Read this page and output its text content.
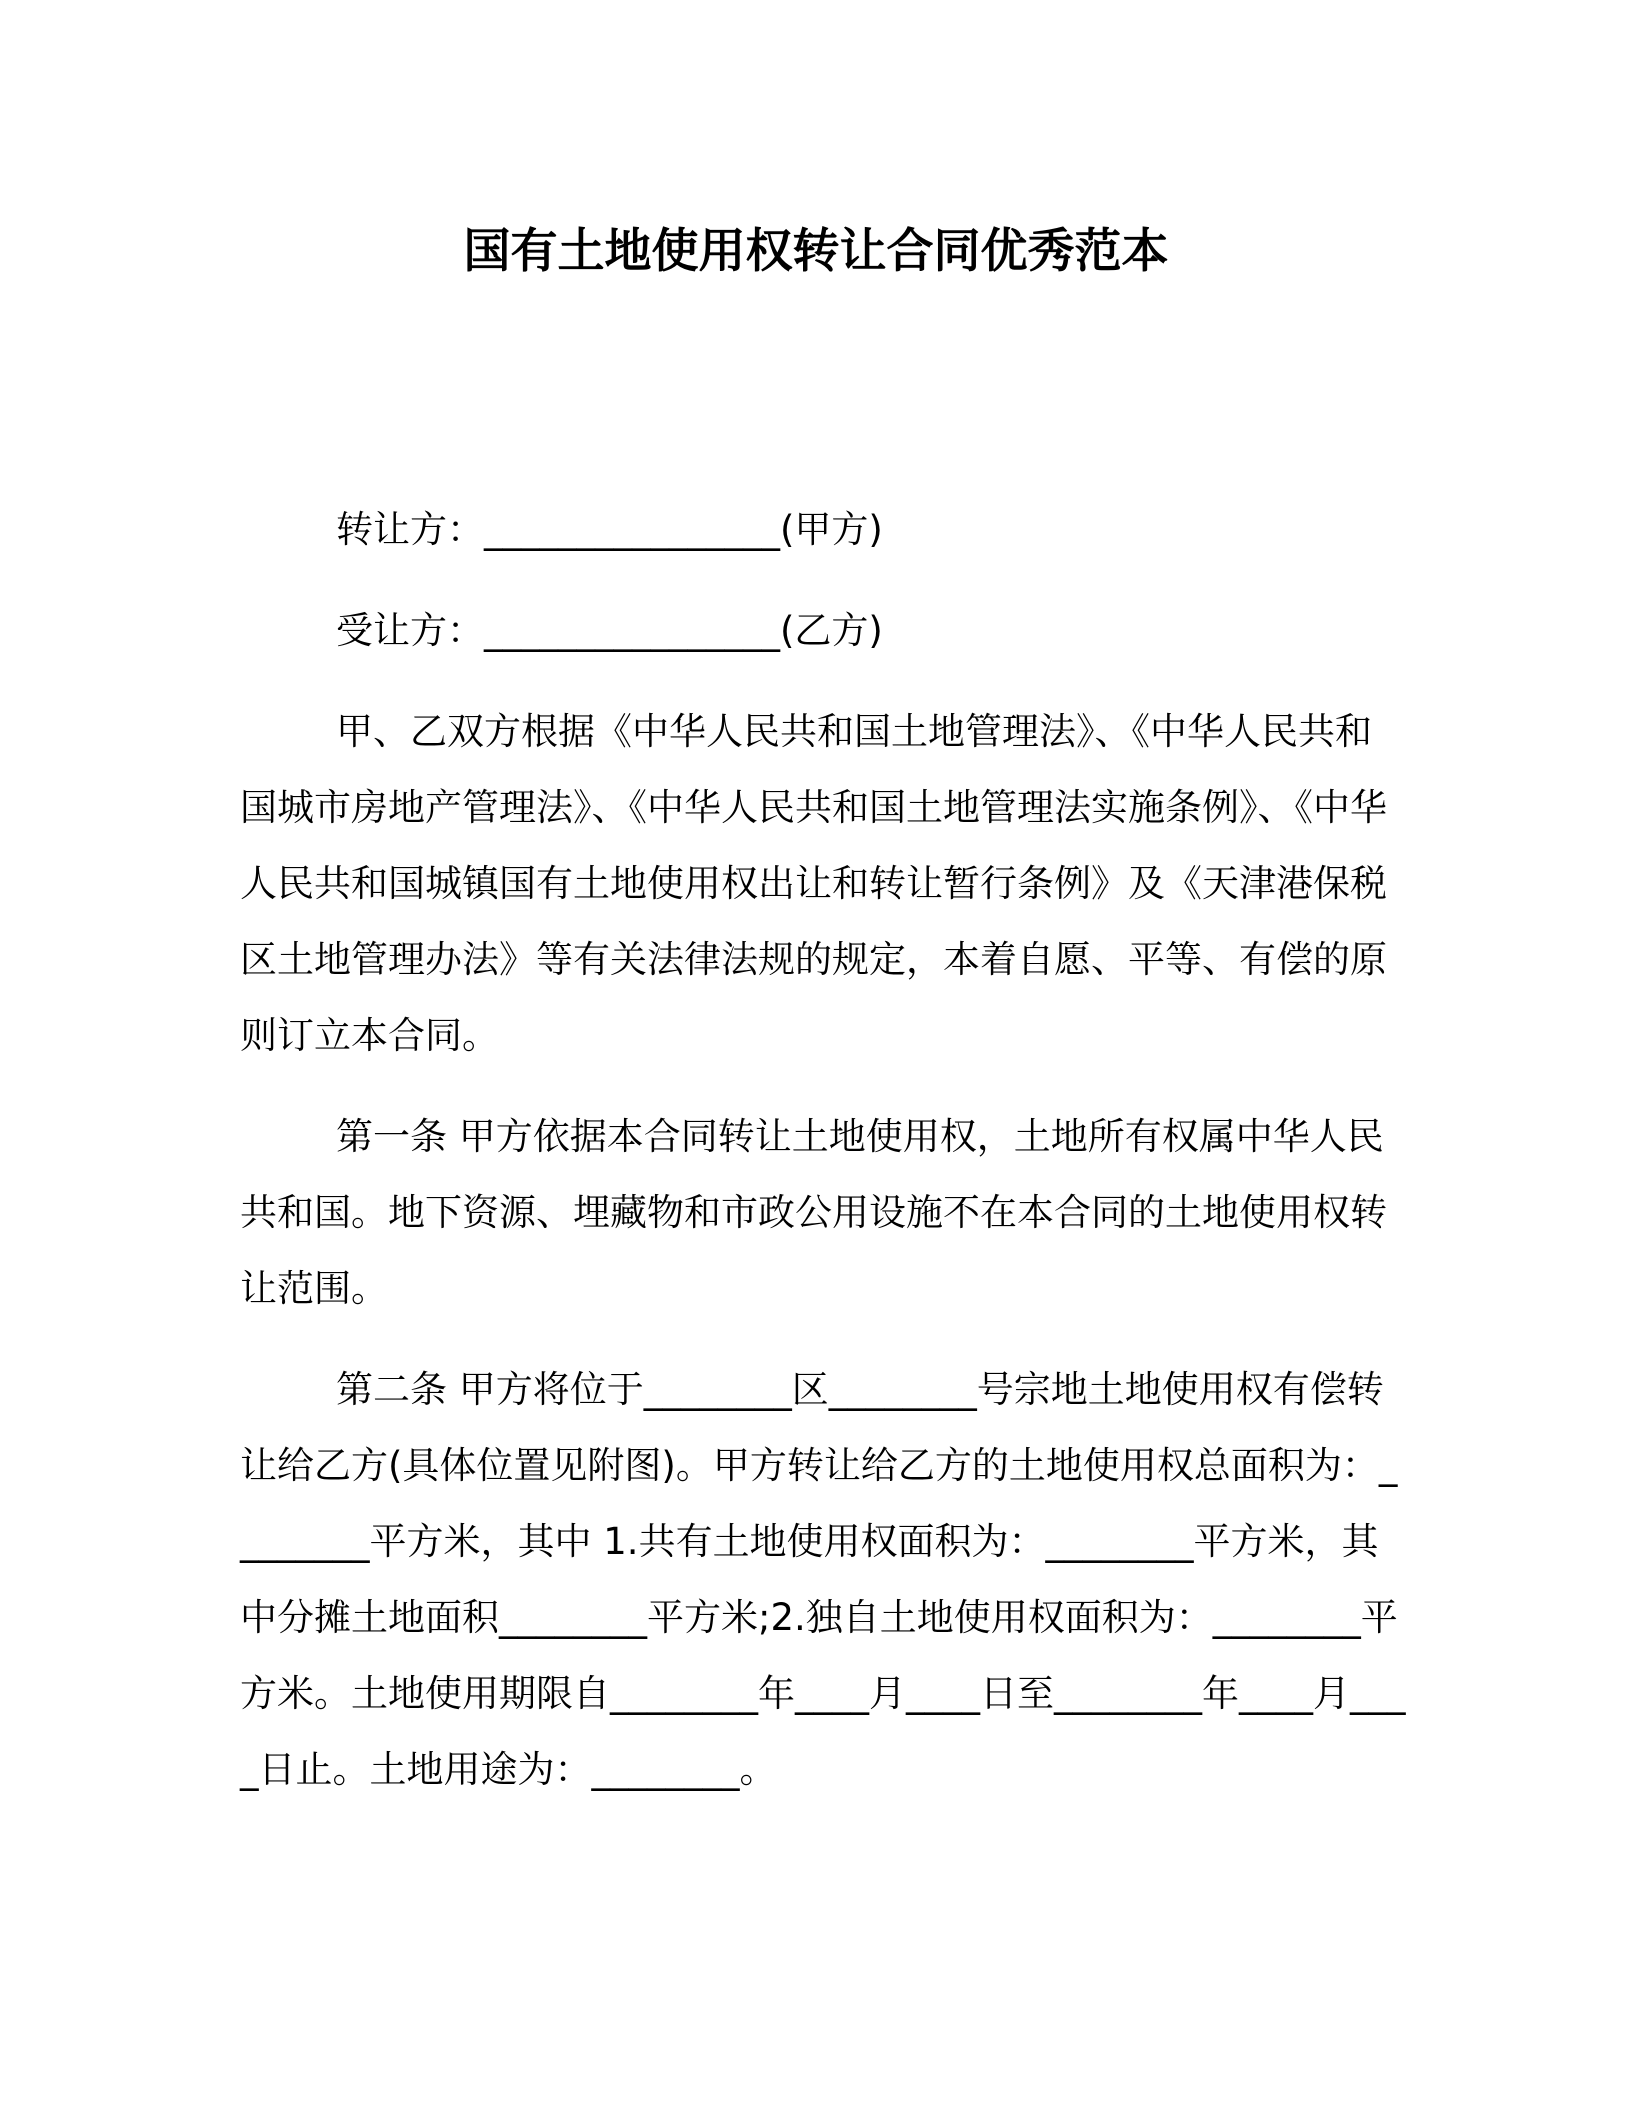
国有土地使用权转让合同优秀范本

转让方：________________(甲方)

受让方：________________(乙方)

甲、乙双方根据《中华人民共和国土地管理法》、《中华人民共和国城市房地产管理法》、《中华人民共和国土地管理法实施条例》、《中华人民共和国城镇国有土地使用权出让和转让暂行条例》及《天津港保税区土地管理办法》等有关法律法规的规定，本着自愿、平等、有偿的原则订立本合同。

第一条 甲方依据本合同转让土地使用权，土地所有权属中华人民共和国。地下资源、埋藏物和市政公用设施不在本合同的土地使用权转让范围。

第二条 甲方将位于________区________号宗地土地使用权有偿转让给乙方(具体位置见附图)。甲方转让给乙方的土地使用权总面积为：________平方米，其中 1.共有土地使用权面积为：________平方米，其中分摊土地面积________平方米;2.独自土地使用权面积为：________平方米。土地使用期限自________年____月____日至________年____月____日止。土地用途为：________。
